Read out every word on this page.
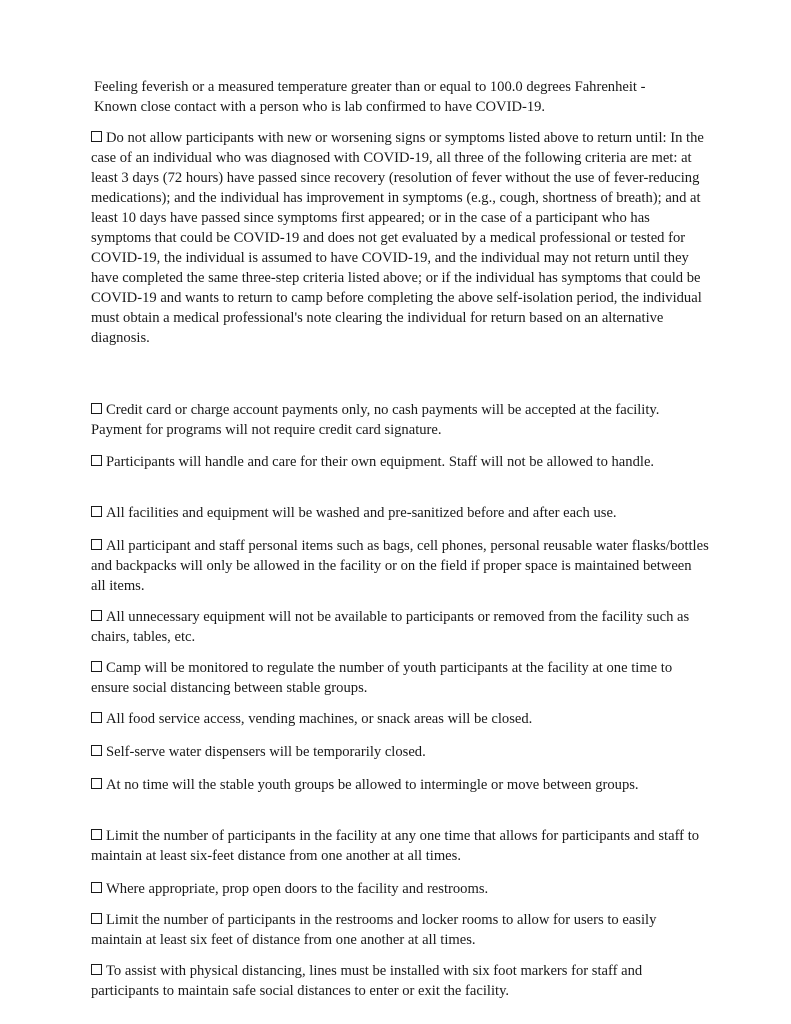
Feeling feverish or a measured temperature greater than or equal to 100.0 degrees Fahrenheit -

Known close contact with a person who is lab confirmed to have COVID-19.

Do not allow participants with new or worsening signs or symptoms listed above to return until: In the case of an individual who was diagnosed with COVID-19, all three of the following criteria are met: at least 3 days (72 hours) have passed since recovery (resolution of fever without the use of fever-reducing medications); and the individual has improvement in symptoms (e.g., cough, shortness of breath); and at least 10 days have passed since symptoms first appeared; or in the case of a participant who has symptoms that could be COVID-19 and does not get evaluated by a medical professional or tested for COVID-19, the individual is assumed to have COVID-19, and the individual may not return until they have completed the same three-step criteria listed above; or if the individual has symptoms that could be COVID-19 and wants to return to camp before completing the above self-isolation period, the individual must obtain a medical professional's note clearing the individual for return based on an alternative diagnosis.

Credit card or charge account payments only, no cash payments will be accepted at the facility. Payment for programs will not require credit card signature.

Participants will handle and care for their own equipment. Staff will not be allowed to handle.

All facilities and equipment will be washed and pre-sanitized before and after each use.

All participant and staff personal items such as bags, cell phones, personal reusable water flasks/bottles and backpacks will only be allowed in the facility or on the field if proper space is maintained between all items.

All unnecessary equipment will not be available to participants or removed from the facility such as chairs, tables, etc.

Camp will be monitored to regulate the number of youth participants at the facility at one time to ensure social distancing between stable groups.

All food service access, vending machines, or snack areas will be closed.

Self-serve water dispensers will be temporarily closed.

At no time will the stable youth groups be allowed to intermingle or move between groups.

Limit the number of participants in the facility at any one time that allows for participants and staff to maintain at least six-feet distance from one another at all times.

Where appropriate, prop open doors to the facility and restrooms.

Limit the number of participants in the restrooms and locker rooms to allow for users to easily maintain at least six feet of distance from one another at all times.

To assist with physical distancing, lines must be installed with six foot markers for staff and participants to maintain safe social distances to enter or exit the facility.
